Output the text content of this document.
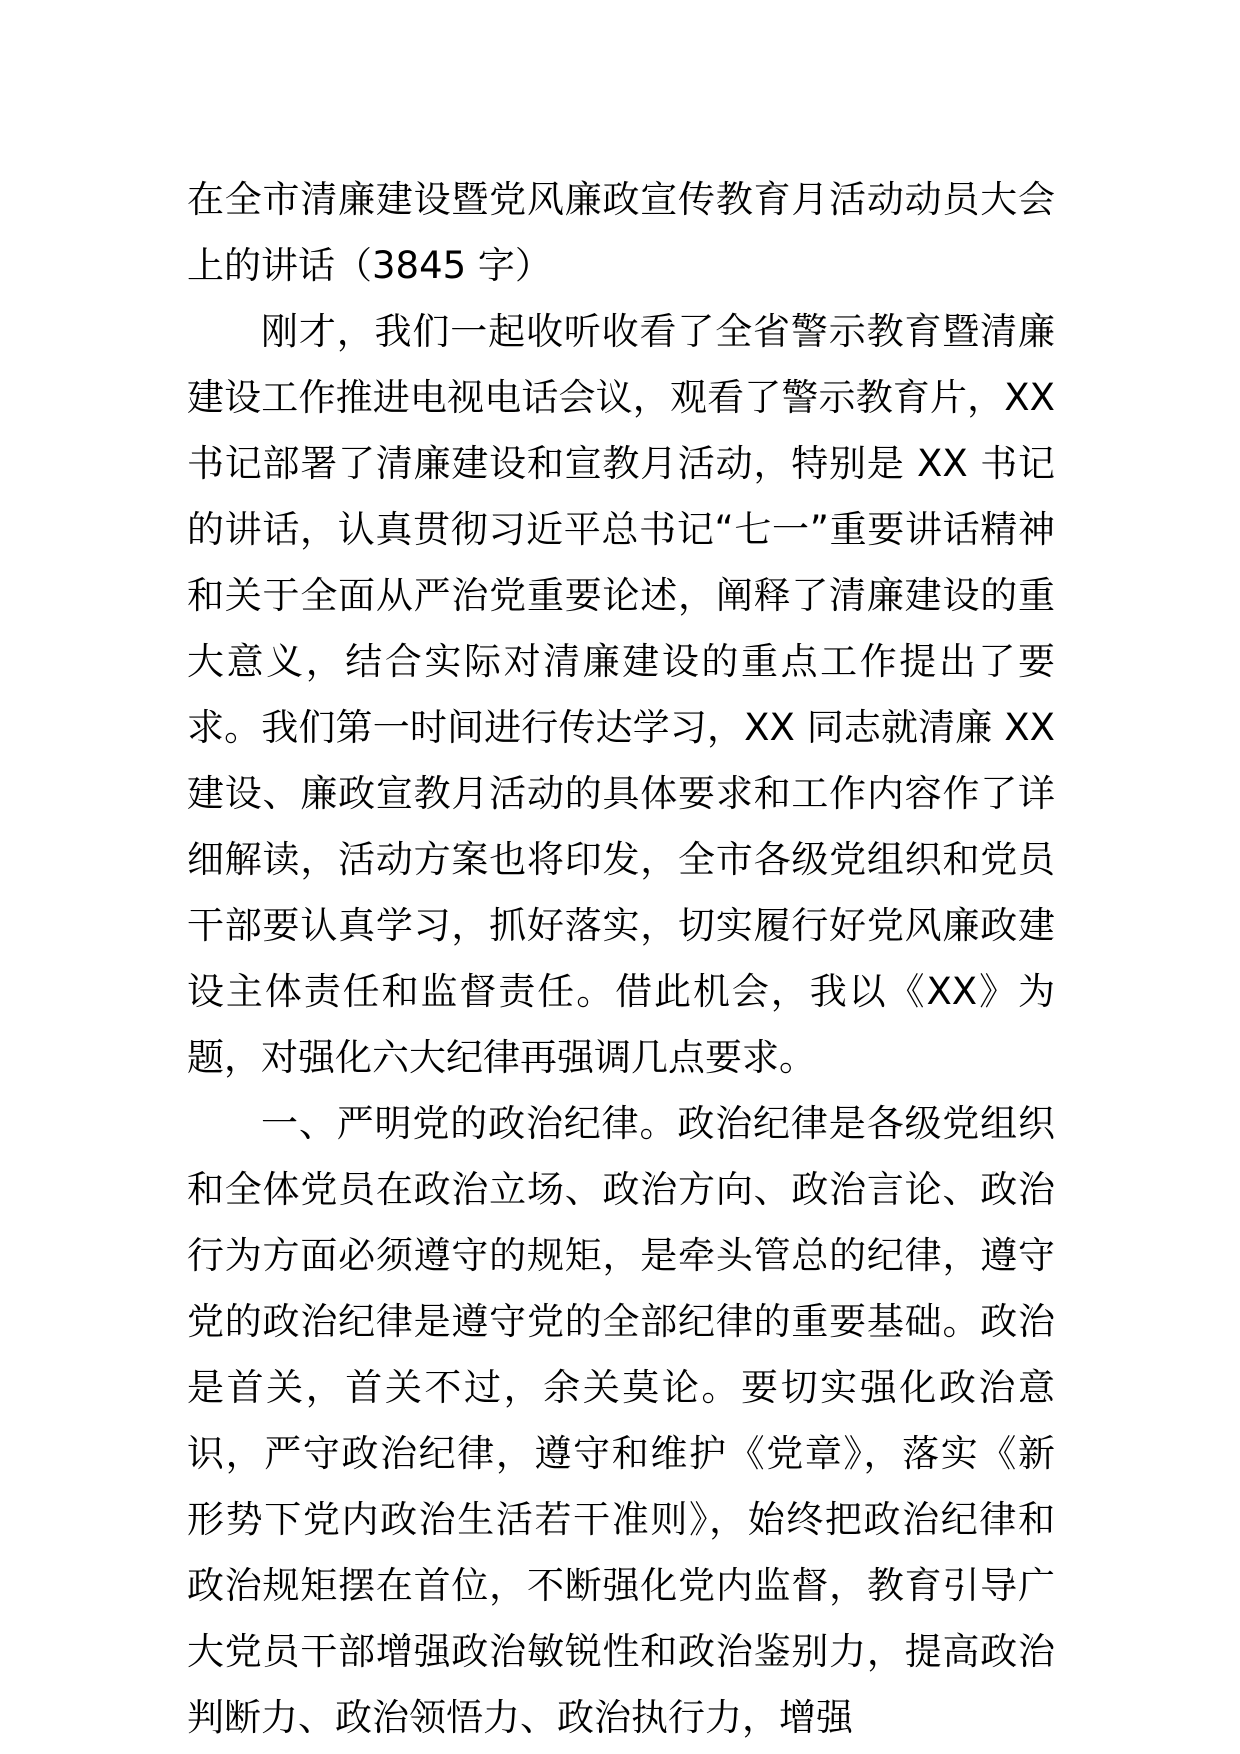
在全市清廉建设暨党风廉政宣传教育月活动动员大会上的讲话（3845 字）

刚才，我们一起收听收看了全省警示教育暨清廉建设工作推进电视电话会议，观看了警示教育片，XX 书记部署了清廉建设和宣教月活动，特别是 XX 书记的讲话，认真贯彻习近平总书记“七一”重要讲话精神和关于全面从严治党重要论述，阐释了清廉建设的重大意义，结合实际对清廉建设的重点工作提出了要求。我们第一时间进行传达学习，XX 同志就清廉 XX 建设、廉政宣教月活动的具体要求和工作内容作了详细解读，活动方案也将印发，全市各级党组织和党员干部要认真学习，抓好落实，切实履行好党风廉政建设主体责任和监督责任。借此机会，我以《XX》为题，对强化六大纪律再强调几点要求。

一、严明党的政治纪律。政治纪律是各级党组织和全体党员在政治立场、政治方向、政治言论、政治行为方面必须遵守的规矩，是牵头管总的纪律，遵守党的政治纪律是遵守党的全部纪律的重要基础。政治是首关，首关不过，余关莫论。要切实强化政治意识，严守政治纪律，遵守和维护《党章》，落实《新形势下党内政治生活若干准则》，始终把政治纪律和政治规矩摆在首位，不断强化党内监督，教育引导广大党员干部增强政治敏锐性和政治鉴别力，提高政治判断力、政治领悟力、政治执行力，增强
